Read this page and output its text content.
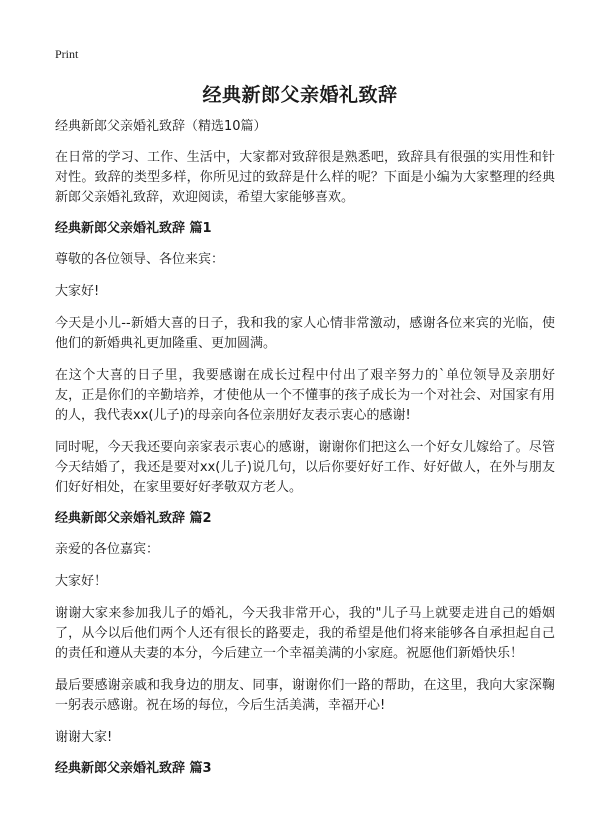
Print
经典新郎父亲婚礼致辞

经典新郎父亲婚礼致辞（精选10篇）

在日常的学习、工作、生活中，大家都对致辞很是熟悉吧，致辞具有很强的实用性和针对性。致辞的类型多样，你所见过的致辞是什么样的呢？下面是小编为大家整理的经典新郎父亲婚礼致辞，欢迎阅读，希望大家能够喜欢。

经典新郎父亲婚礼致辞 篇1

尊敬的各位领导、各位来宾：

大家好!

今天是小儿--新婚大喜的日子，我和我的家人心情非常激动，感谢各位来宾的光临，使他们的新婚典礼更加隆重、更加圆满。

在这个大喜的日子里，我要感谢在成长过程中付出了艰辛努力的`单位领导及亲朋好友，正是你们的辛勤培养，才使他从一个不懂事的孩子成长为一个对社会、对国家有用的人，我代表xx(儿子)的母亲向各位亲朋好友表示衷心的感谢!

同时呢，今天我还要向亲家表示衷心的感谢，谢谢你们把这么一个好女儿嫁给了。尽管今天结婚了，我还是要对xx(儿子)说几句，以后你要好好工作、好好做人，在外与朋友们好好相处，在家里要好好孝敬双方老人。

经典新郎父亲婚礼致辞 篇2

亲爱的各位嘉宾：

大家好！

谢谢大家来参加我儿子的婚礼，今天我非常开心，我的"儿子马上就要走进自己的婚姻了，从今以后他们两个人还有很长的路要走，我的希望是他们将来能够各自承担起自己的责任和遵从夫妻的本分，今后建立一个幸福美满的小家庭。祝愿他们新婚快乐！

最后要感谢亲戚和我身边的朋友、同事，谢谢你们一路的帮助，在这里，我向大家深鞠一躬表示感谢。祝在场的每位，今后生活美满，幸福开心!

谢谢大家!

经典新郎父亲婚礼致辞 篇3
